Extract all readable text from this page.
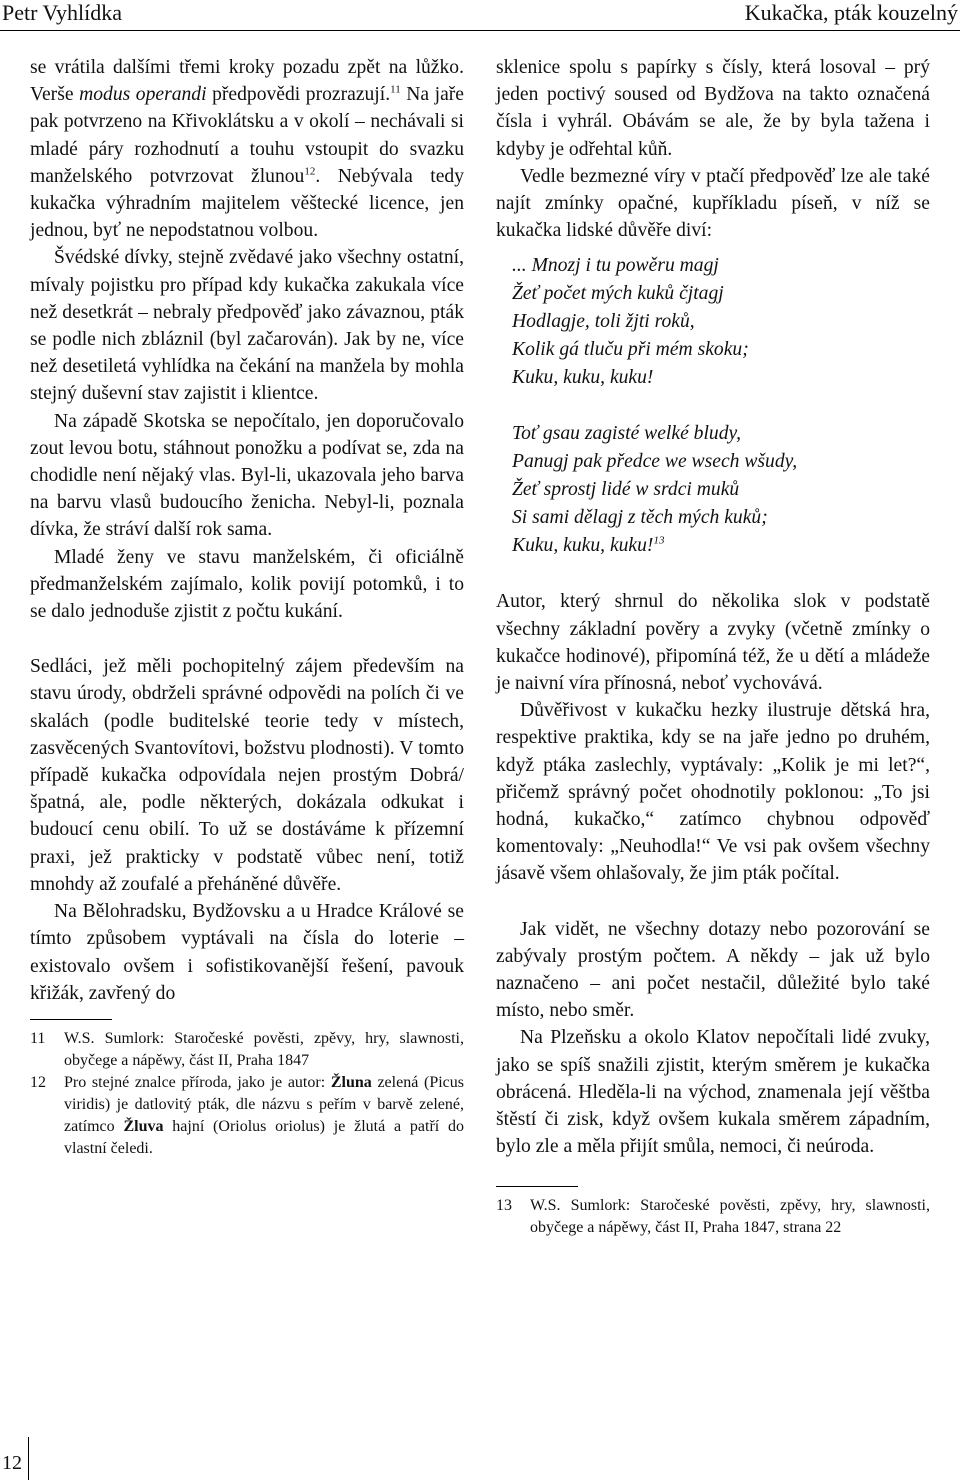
Petr Vyhlídka	Kukačka, pták kouzelný

se vrátila dalšími třemi kroky pozadu zpět na lůžko. Verše modus operandi předpovědi prozrazují.$^{11}$ Na jaře pak potvrzeno na Křivoklátsku a v okolí – nechávali si mladé páry rozhodnutí a touhu vstoupit do svazku manželského potvrzovat žlunou$^{12}$. Nebývala tedy kukačka výhradním majitelem věštecké licence, jen jednou, byť ne nepodstatnou volbou.

Švédské dívky, stejně zvědavé jako všechny ostatní, mívaly pojistku pro případ kdy kukačka zakukala více než desetkrát – nebraly předpověď jako závaznou, pták se podle nich zbláznil (byl začarován). Jak by ne, více než desetiletá vyhlídka na čekání na manžela by mohla stejný duševní stav zajistit i klientce.

Na západě Skotska se nepočítalo, jen doporučovalo zout levou botu, stáhnout ponožku a podívat se, zda na chodidle není nějaký vlas. Byl-li, ukazovala jeho barva na barvu vlasů budoucího ženicha. Nebyl-li, poznala dívka, že stráví další rok sama.

Mladé ženy ve stavu manželském, či oficiálně předmanželském zajímalo, kolik povijí potomků, i to se dalo jednoduše zjistit z počtu kukání.

Sedláci, jež měli pochopitelný zájem především na stavu úrody, obdrželi správné odpovědi na polích či ve skalách (podle buditelské teorie tedy v místech, zasvěcených Svantovítovi, božstvu plodnosti). V tomto případě kukačka odpovídala nejen prostým Dobrá/špatná, ale, podle některých, dokázala odkukat i budoucí cenu obilí. To už se dostáváme k přízemní praxi, jež prakticky v podstatě vůbec není, totiž mnohdy až zoufalé a přeháněné důvěře.

Na Bělohradsku, Bydžovsku a u Hradce Králové se tímto způsobem vyptávali na čísla do loterie – existovalo ovšem i sofistikovanější řešení, pavouk křižák, zavřený do

11 W.S. Sumlork: Staročeské pověsti, zpěvy, hry, slawnosti, obyčege a nápěwy, část II, Praha 1847

12 Pro stejné znalce příroda, jako je autor: Žluna zelená (Picus viridis) je datlovitý pták, dle názvu s peřím v barvě zelené, zatímco Žluva hajní (Oriolus oriolus) je žlutá a patří do vlastní čeledi.

sklenice spolu s papírky s čísly, která losoval – prý jeden poctivý soused od Bydžova na takto označená čísla i vyhrál. Obávám se ale, že by byla tažena i kdyby je odřehtal kůň.

Vedle bezmezné víry v ptačí předpověď lze ale také najít zmínky opačné, kupříkladu píseň, v níž se kukačka lidské důvěře diví:

... Mnozj i tu powěru magj
Žeť počet mých kuků čjtagj
Hodlagje, toli žjti roků,
Kolik gá tluču při mém skoku;
Kuku, kuku, kuku!
Toť gsau zagisté welké bludy,
Panugj pak předce we wsech wšudy,
Žeť sprostj lidé w srdci muků
Si sami dělagj z těch mých kuků;
Kuku, kuku, kuku!$^{13}$

Autor, který shrnul do několika slok v podstatě všechny základní pověry a zvyky (včetně zmínky o kukačce hodinové), připomíná též, že u dětí a mládeže je naivní víra přínosná, neboť vychovává.

Důvěřivost v kukačku hezky ilustruje dětská hra, respektive praktika, kdy se na jaře jedno po druhém, když ptáka zaslechly, vyptávaly: „Kolik je mi let?“, přičemž správný počet ohodnotily poklonou: „To jsi hodná, kukačko,“ zatímco chybnou odpověď komentovaly: „Neuhodla!“ Ve vsi pak ovšem všechny jásavě všem ohlašovaly, že jim pták počítal.

Jak vidět, ne všechny dotazy nebo pozorování se zabývaly prostým počtem. A někdy – jak už bylo naznačeno – ani počet nestačil, důležité bylo také místo, nebo směr.

Na Plzeňsku a okolo Klatov nepočítali lidé zvuky, jako se spíš snažili zjistit, kterým směrem je kukačka obrácená. Hleděla-li na východ, znamenala její věštba štěstí či zisk, když ovšem kukala směrem západním, bylo zle a měla přijít smůla, nemoci, či neúroda.

13 W.S. Sumlork: Staročeské pověsti, zpěvy, hry, slawnosti, obyčege a nápěwy, část II, Praha 1847, strana 22

12
